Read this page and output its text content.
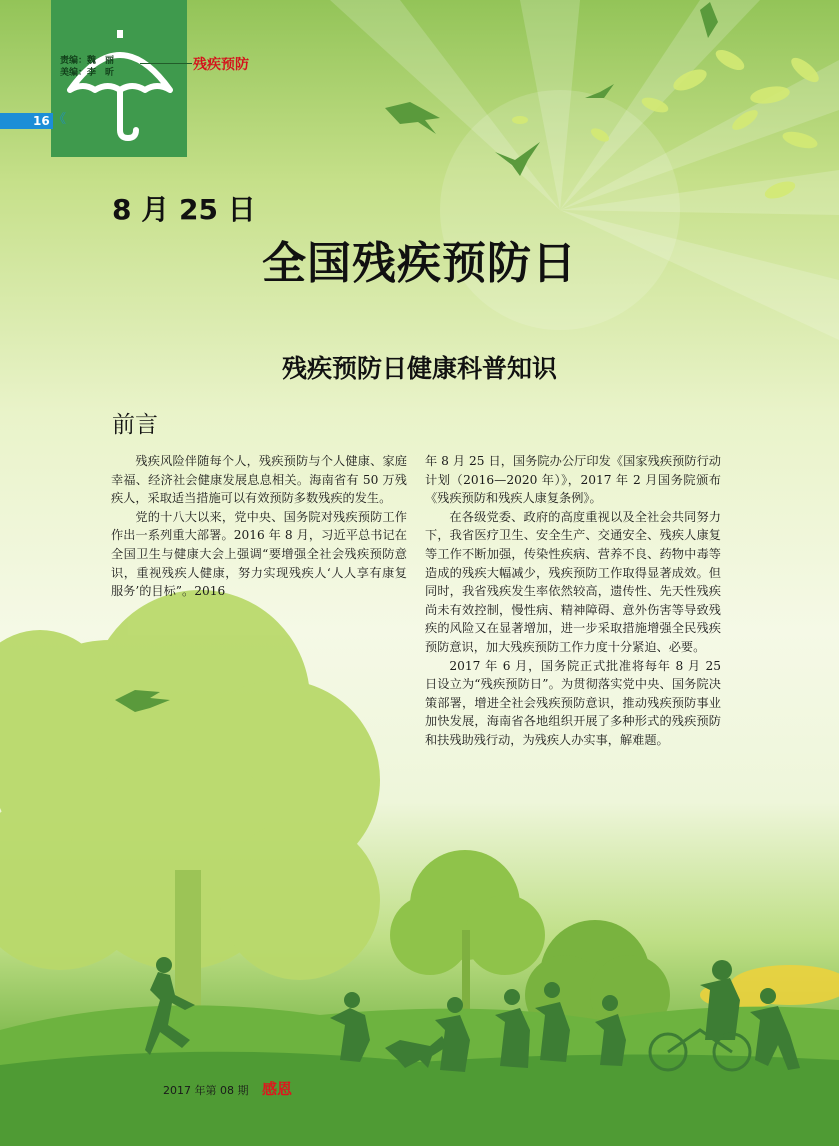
责编：魏　丽
美编：李　昕	残疾预防
16 《
8 月 25 日
全国残疾预防日
残疾预防日健康科普知识
前言

残疾风险伴随每个人，残疾预防与个人健康、家庭幸福、经济社会健康发展息息相关。海南省有 50 万残疾人，采取适当措施可以有效预防多数残疾的发生。

党的十八大以来，党中央、国务院对残疾预防工作作出一系列重大部署。2016 年 8 月，习近平总书记在全国卫生与健康大会上强调“要增强全社会残疾预防意识，重视残疾人健康，努力实现残疾人‘人人享有康复服务’的目标”。2016

年 8 月 25 日，国务院办公厅印发《国家残疾预防行动计划（2016—2020 年）》，2017 年 2 月国务院颁布《残疾预防和残疾人康复条例》。

在各级党委、政府的高度重视以及全社会共同努力下，我省医疗卫生、安全生产、交通安全、残疾人康复等工作不断加强，传染性疾病、营养不良、药物中毒等造成的残疾大幅减少，残疾预防工作取得显著成效。但同时，我省残疾发生率依然较高，遗传性、先天性残疾尚未有效控制，慢性病、精神障碍、意外伤害等导致残疾的风险又在显著增加，进一步采取措施增强全民残疾预防意识，加大残疾预防工作力度十分紧迫、必要。

2017 年 6 月，国务院正式批准将每年 8 月 25 日设立为“残疾预防日”。为贯彻落实党中央、国务院决策部署，增进全社会残疾预防意识，推动残疾预防事业加快发展，海南省各地组织开展了多种形式的残疾预防和扶残助残行动，为残疾人办实事，解难题。

2017 年第 08 期 感恩
